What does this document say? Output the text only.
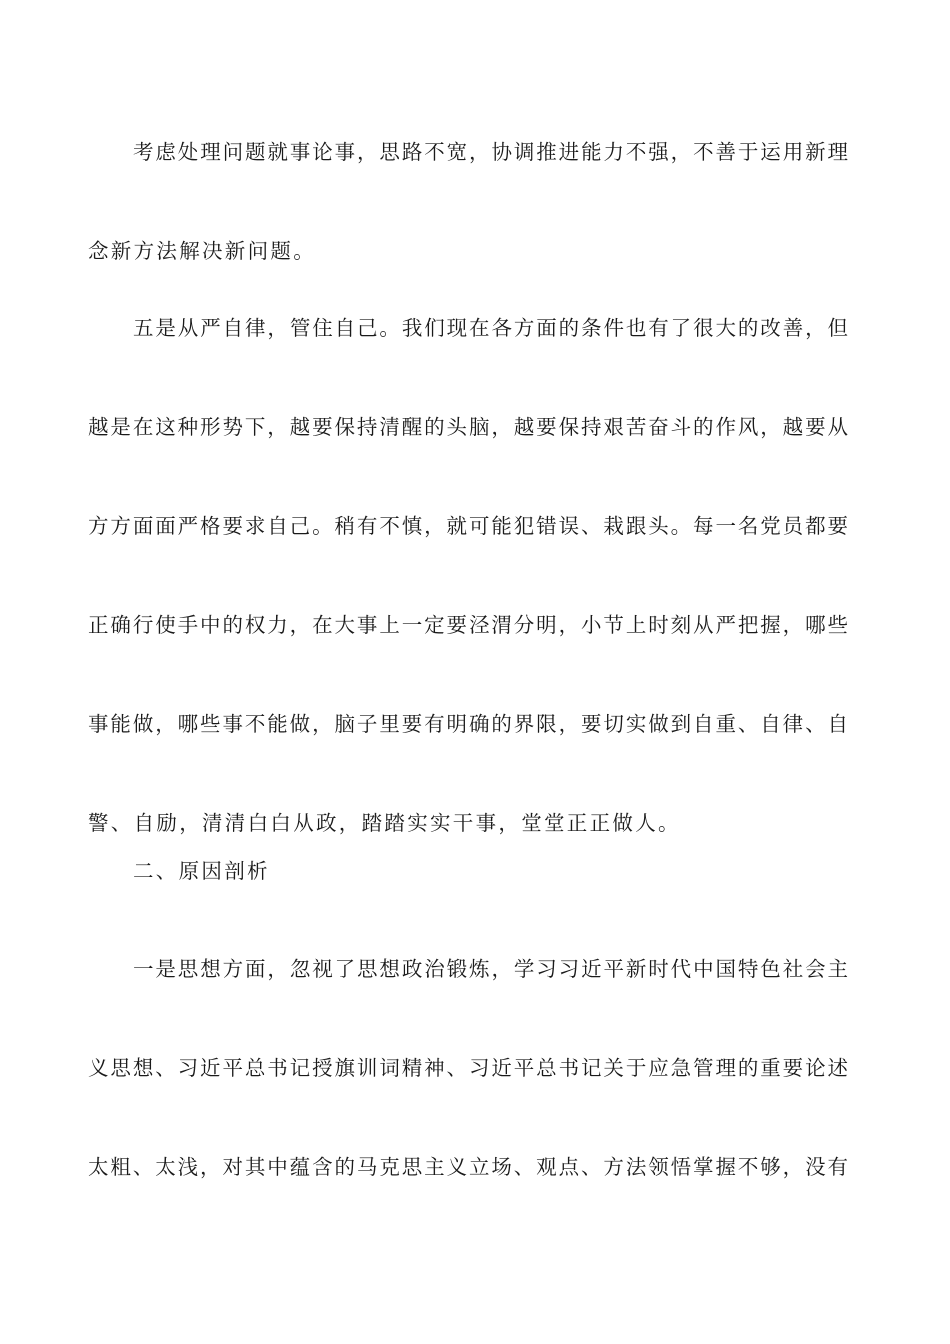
考虑处理问题就事论事，思路不宽，协调推进能力不强，不善于运用新理
念新方法解决新问题。
五是从严自律，管住自己。我们现在各方面的条件也有了很大的改善，但
越是在这种形势下，越要保持清醒的头脑，越要保持艰苦奋斗的作风，越要从
方方面面严格要求自己。稍有不慎，就可能犯错误、栽跟头。每一名党员都要
正确行使手中的权力，在大事上一定要泾渭分明，小节上时刻从严把握，哪些
事能做，哪些事不能做，脑子里要有明确的界限，要切实做到自重、自律、自
警、自励，清清白白从政，踏踏实实干事，堂堂正正做人。
二、原因剖析
一是思想方面，忽视了思想政治锻炼，学习习近平新时代中国特色社会主
义思想、习近平总书记授旗训词精神、习近平总书记关于应急管理的重要论述
太粗、太浅，对其中蕴含的马克思主义立场、观点、方法领悟掌握不够，没有
